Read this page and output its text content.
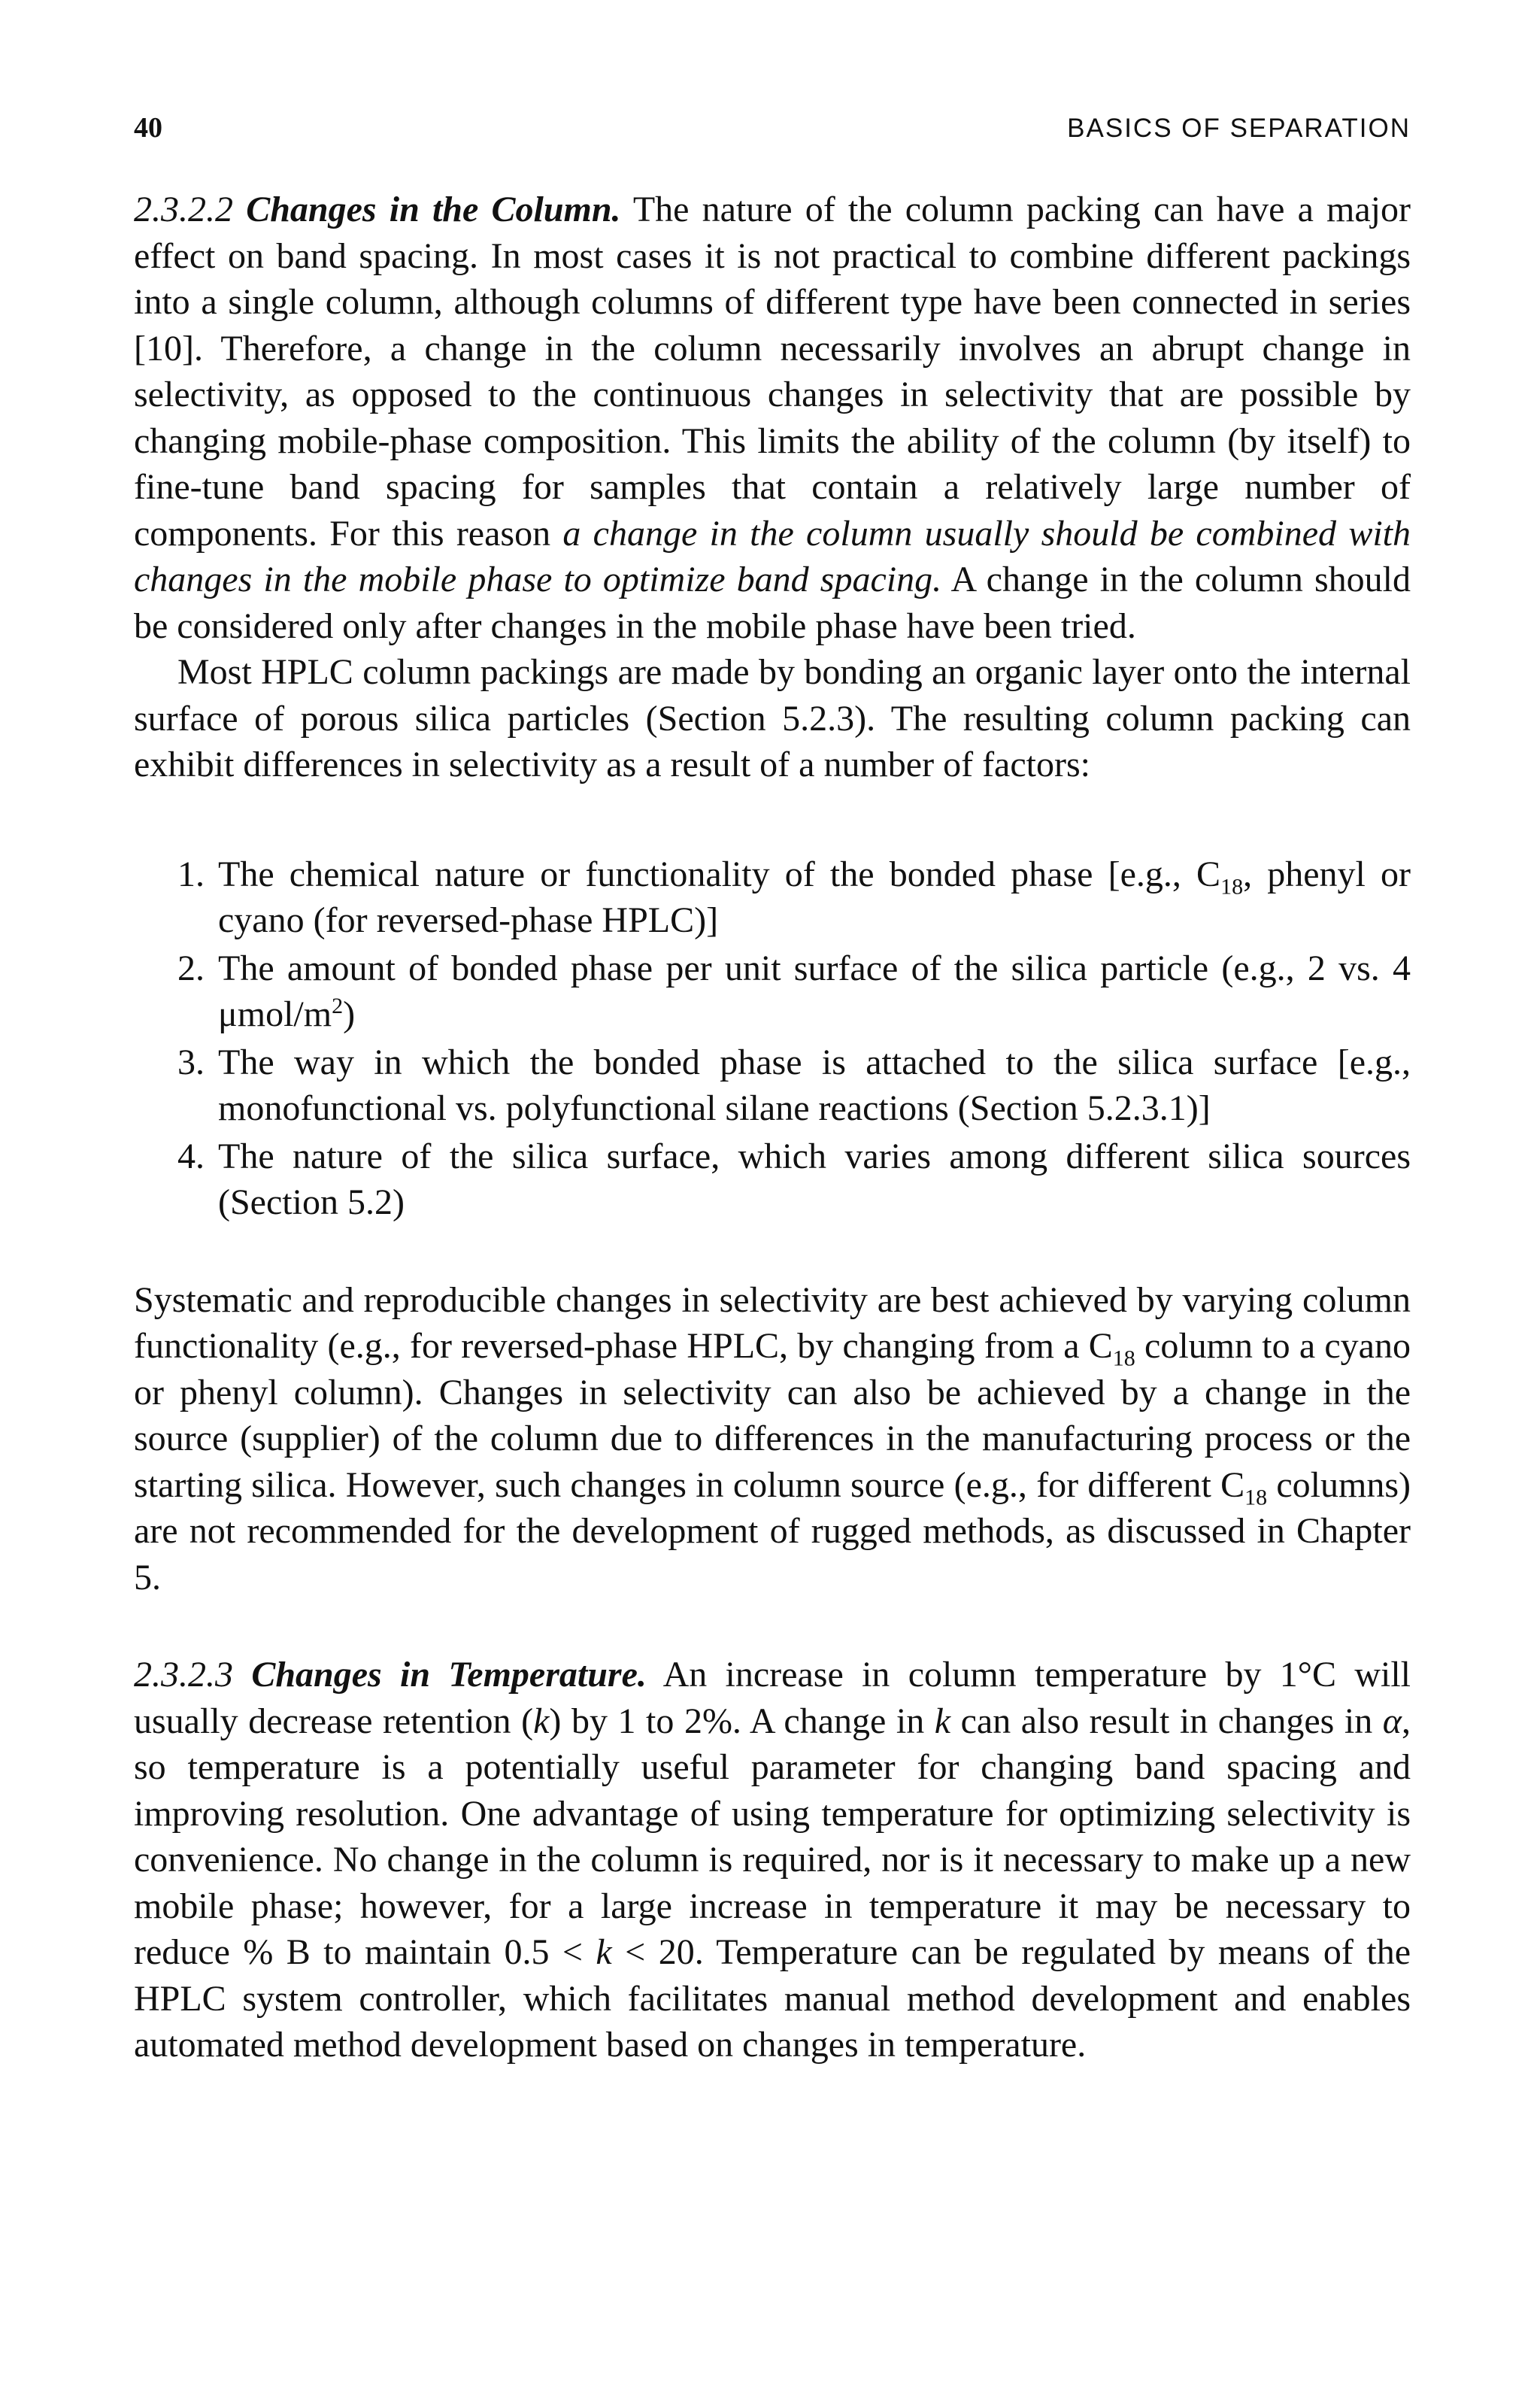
40	BASICS OF SEPARATION

2.3.2.2 Changes in the Column. The nature of the column packing can have a major effect on band spacing. In most cases it is not practical to combine different packings into a single column, although columns of different type have been connected in series [10]. Therefore, a change in the column necessarily involves an abrupt change in selectivity, as opposed to the continuous changes in selectivity that are possible by changing mobile-phase composition. This limits the ability of the column (by itself) to fine-tune band spacing for samples that contain a relatively large number of components. For this reason a change in the column usually should be combined with changes in the mobile phase to optimize band spacing. A change in the column should be considered only after changes in the mobile phase have been tried.

Most HPLC column packings are made by bonding an organic layer onto the internal surface of porous silica particles (Section 5.2.3). The resulting column packing can exhibit differences in selectivity as a result of a number of factors:

1. The chemical nature or functionality of the bonded phase [e.g., $C_{18}$, phenyl or cyano (for reversed-phase HPLC)]
2. The amount of bonded phase per unit surface of the silica particle (e.g., 2 vs. 4 μmol/$m^2$)
3. The way in which the bonded phase is attached to the silica surface [e.g., monofunctional vs. polyfunctional silane reactions (Section 5.2.3.1)]
4. The nature of the silica surface, which varies among different silica sources (Section 5.2)

Systematic and reproducible changes in selectivity are best achieved by varying column functionality (e.g., for reversed-phase HPLC, by changing from a $C_{18}$ column to a cyano or phenyl column). Changes in selectivity can also be achieved by a change in the source (supplier) of the column due to differences in the manufacturing process or the starting silica. However, such changes in column source (e.g., for different $C_{18}$ columns) are not recommended for the development of rugged methods, as discussed in Chapter 5.

2.3.2.3 Changes in Temperature. An increase in column temperature by 1°C will usually decrease retention (k) by 1 to 2%. A change in k can also result in changes in α, so temperature is a potentially useful parameter for changing band spacing and improving resolution. One advantage of using temperature for optimizing selectivity is convenience. No change in the column is required, nor is it necessary to make up a new mobile phase; however, for a large increase in temperature it may be necessary to reduce % B to maintain 0.5 < k < 20. Temperature can be regulated by means of the HPLC system controller, which facilitates manual method development and enables automated method development based on changes in temperature.
